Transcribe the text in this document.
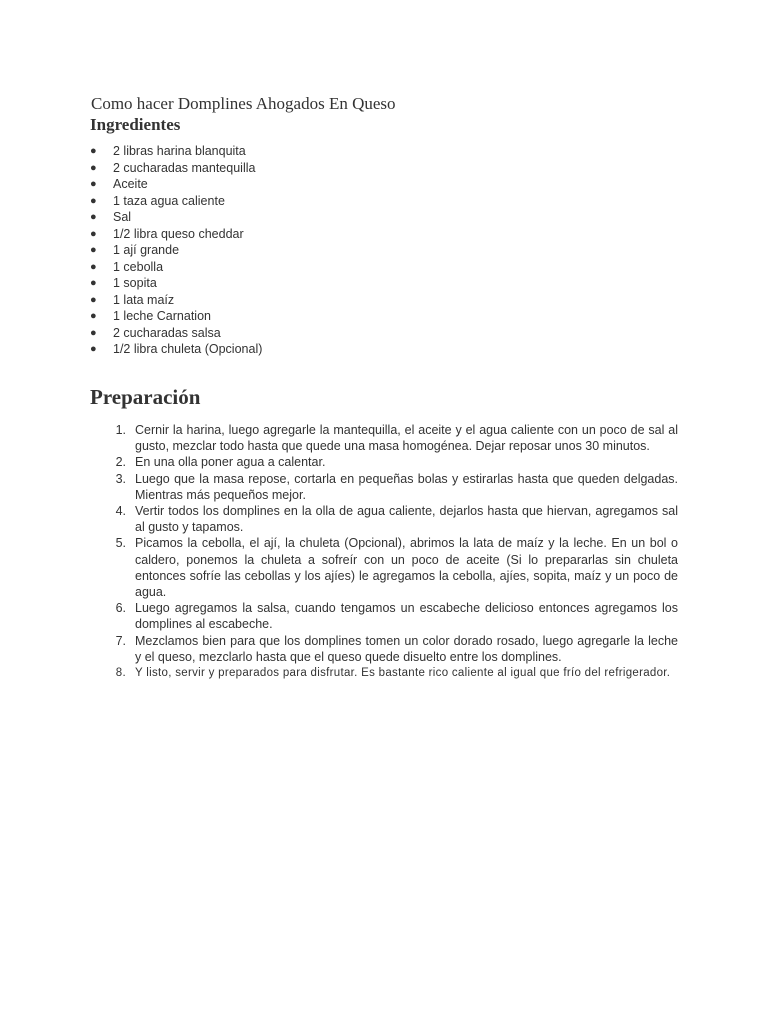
Como hacer Domplines Ahogados En Queso
Ingredientes
● 2 libras harina blanquita
● 2 cucharadas mantequilla
● Aceite
● 1 taza agua caliente
● Sal
● 1/2 libra queso cheddar
● 1 ají grande
● 1 cebolla
● 1 sopita
● 1 lata maíz
● 1 leche Carnation
● 2 cucharadas salsa
● 1/2 libra chuleta (Opcional)
Preparación
1. Cernir la harina, luego agregarle la mantequilla, el aceite y el agua caliente con un poco de sal al gusto, mezclar todo hasta que quede una masa homogénea. Dejar reposar unos 30 minutos.
2. En una olla poner agua a calentar.
3. Luego que la masa repose, cortarla en pequeñas bolas y estirarlas hasta que queden delgadas. Mientras más pequeños mejor.
4. Vertir todos los domplines en la olla de agua caliente, dejarlos hasta que hiervan, agregamos sal al gusto y tapamos.
5. Picamos la cebolla, el ají, la chuleta (Opcional), abrimos la lata de maíz y la leche. En un bol o caldero, ponemos la chuleta a sofreír con un poco de aceite (Si lo prepararlas sin chuleta entonces sofríe las cebollas y los ajíes) le agregamos la cebolla, ajíes, sopita, maíz y un poco de agua.
6. Luego agregamos la salsa, cuando tengamos un escabeche delicioso entonces agregamos los domplines al escabeche.
7. Mezclamos bien para que los domplines tomen un color dorado rosado, luego agregarle la leche y el queso, mezclarlo hasta que el queso quede disuelto entre los domplines.
8. Y listo, servir y preparados para disfrutar. Es bastante rico caliente al igual que frío del refrigerador.
